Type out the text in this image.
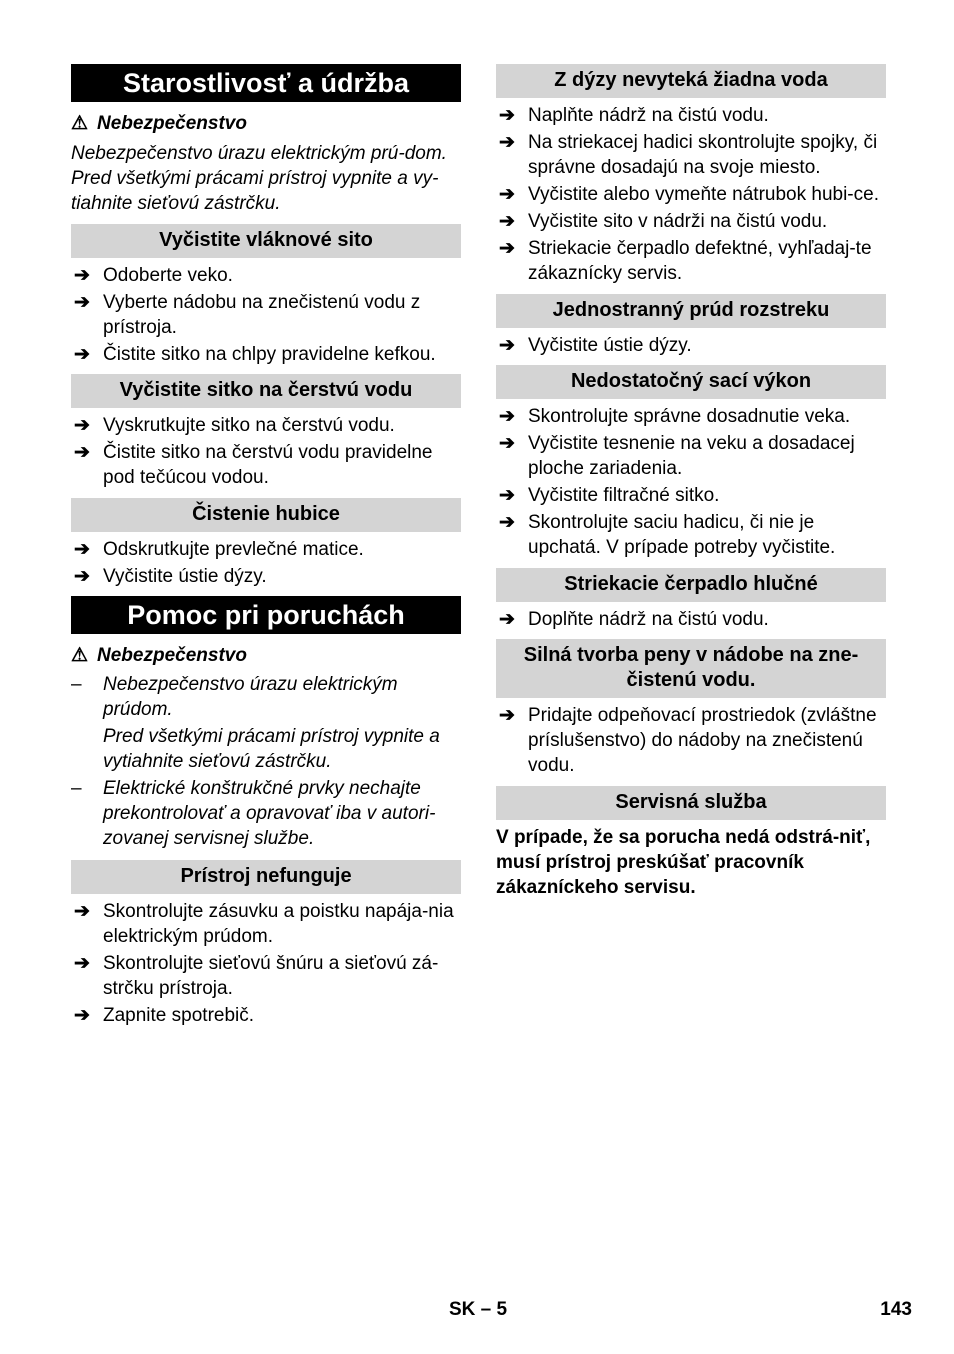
Starostlivosť a údržba
⚠ Nebezpečenstvo
Nebezpečenstvo úrazu elektrickým prú-dom.
Pred všetkými prácami prístroj vypnite a vy-tiahnite sieťovú zástrčku.
Vyčistite vláknové sito
➔ Odoberte veko.
➔ Vyberte nádobu na znečistenú vodu z prístroja.
➔ Čistite sitko na chlpy pravidelne kefkou.
Vyčistite sitko na čerstvú vodu
➔ Vyskrutkujte sitko na čerstvú vodu.
➔ Čistite sitko na čerstvú vodu pravidelne pod tečúcou vodou.
Čistenie hubice
➔ Odskrutkujte prevlečné matice.
➔ Vyčistite ústie dýzy.
Pomoc pri poruchách
⚠ Nebezpečenstvo
– Nebezpečenstvo úrazu elektrickým prúdom.

Pred všetkými prácami prístroj vypnite a vytiahnite sieťovú zástrčku.

– Elektrické konštrukčné prvky nechajte prekontrolovať a opravovať iba v autori-zovanej servisnej službe.

Prístroj nefunguje
➔ Skontrolujte zásuvku a poistku napája-nia elektrickým prúdom.
➔ Skontrolujte sieťovú šnúru a sieťovú zá-strčku prístroja.
➔ Zapnite spotrebič.
Z dýzy nevyteká žiadna voda
➔ Naplňte nádrž na čistú vodu.
➔ Na striekacej hadici skontrolujte spojky, či správne dosadajú na svoje miesto.
➔ Vyčistite alebo vymeňte nátrubok hubi-ce.
➔ Vyčistite sito v nádrži na čistú vodu.
➔ Striekacie čerpadlo defektné, vyhľadaj-te zákaznícky servis.
Jednostranný prúd rozstreku
➔ Vyčistite ústie dýzy.
Nedostatočný sací výkon
➔ Skontrolujte správne dosadnutie veka.
➔ Vyčistite tesnenie na veku a dosadacej ploche zariadenia.
➔ Vyčistite filtračné sitko.
➔ Skontrolujte saciu hadicu, či nie je upchatá. V prípade potreby vyčistite.
Striekacie čerpadlo hlučné
➔ Doplňte nádrž na čistú vodu.
Silná tvorba peny v nádobe na zne-čistenú vodu.
➔ Pridajte odpeňovací prostriedok (zvláštne príslušenstvo) do nádoby na znečistenú vodu.
Servisná služba
V prípade, že sa porucha nedá odstrá-niť, musí prístroj preskúšať pracovník zákazníckeho servisu.
SK – 5	143
